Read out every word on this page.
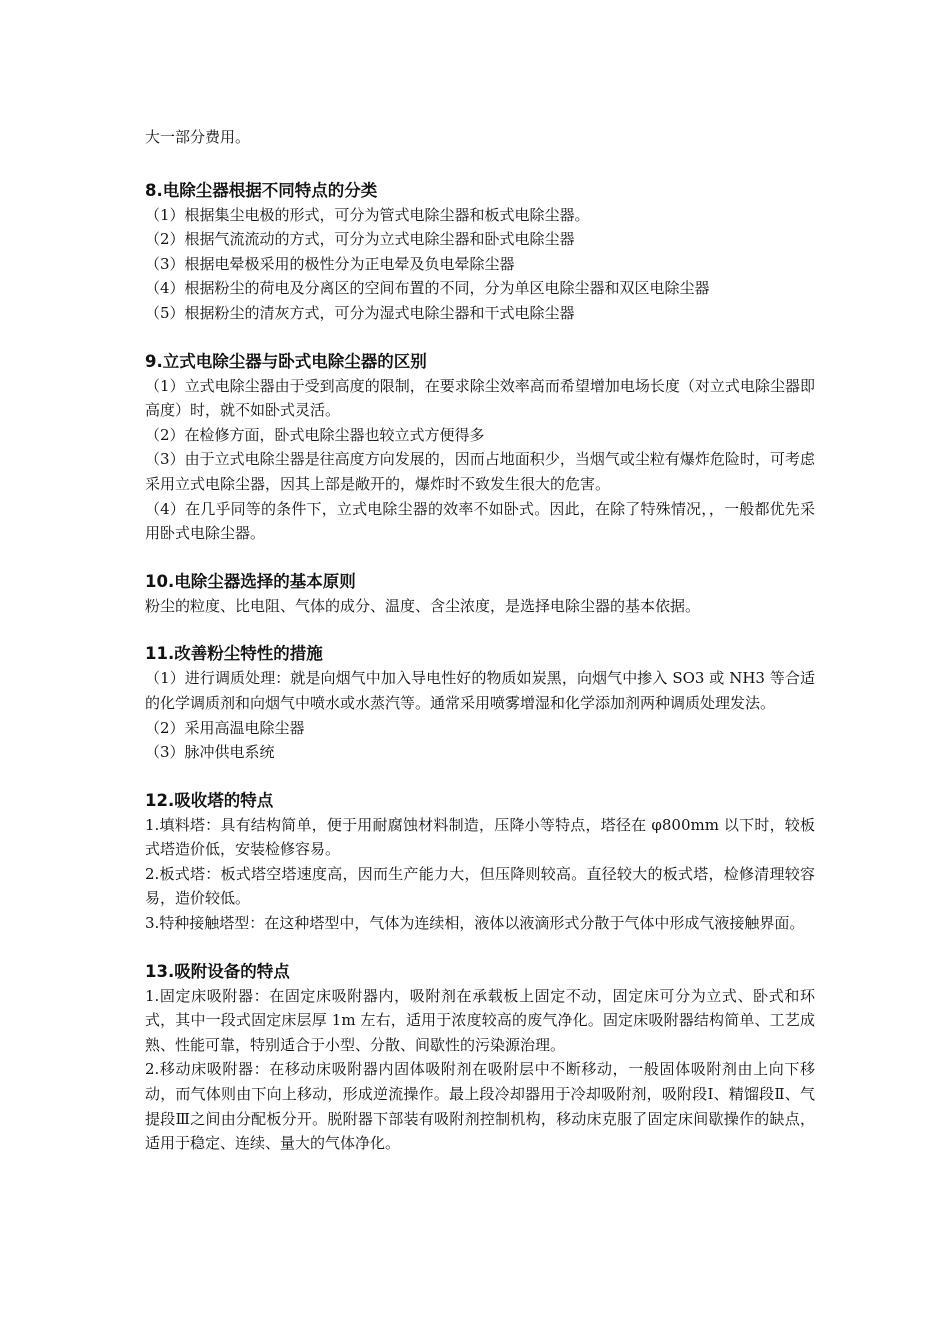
大一部分费用。

8.电除尘器根据不同特点的分类

（1）根据集尘电极的形式，可分为管式电除尘器和板式电除尘器。

（2）根据气流流动的方式，可分为立式电除尘器和卧式电除尘器

（3）根据电晕极采用的极性分为正电晕及负电晕除尘器

（4）根据粉尘的荷电及分离区的空间布置的不同，分为单区电除尘器和双区电除尘器

（5）根据粉尘的清灰方式，可分为湿式电除尘器和干式电除尘器

9.立式电除尘器与卧式电除尘器的区别

（1）立式电除尘器由于受到高度的限制，在要求除尘效率高而希望增加电场长度（对立式电除尘器即高度）时，就不如卧式灵活。

（2）在检修方面，卧式电除尘器也较立式方便得多

（3）由于立式电除尘器是往高度方向发展的，因而占地面积少，当烟气或尘粒有爆炸危险时，可考虑采用立式电除尘器，因其上部是敞开的，爆炸时不致发生很大的危害。

（4）在几乎同等的条件下，立式电除尘器的效率不如卧式。因此，在除了特殊情况，，一般都优先采用卧式电除尘器。

10.电除尘器选择的基本原则

粉尘的粒度、比电阻、气体的成分、温度、含尘浓度，是选择电除尘器的基本依据。

11.改善粉尘特性的措施

（1）进行调质处理：就是向烟气中加入导电性好的物质如炭黑，向烟气中掺入 SO3 或 NH3 等合适的化学调质剂和向烟气中喷水或水蒸汽等。通常采用喷雾增湿和化学添加剂两种调质处理发法。

（2）采用高温电除尘器

（3）脉冲供电系统

12.吸收塔的特点

1.填料塔：具有结构简单，便于用耐腐蚀材料制造，压降小等特点，塔径在 φ800mm 以下时，较板式塔造价低，安装检修容易。

2.板式塔：板式塔空塔速度高，因而生产能力大，但压降则较高。直径较大的板式塔，检修清理较容易，造价较低。

3.特种接触塔型：在这种塔型中，气体为连续相，液体以液滴形式分散于气体中形成气液接触界面。

13.吸附设备的特点

1.固定床吸附器：在固定床吸附器内，吸附剂在承载板上固定不动，固定床可分为立式、卧式和环式，其中一段式固定床层厚 1m 左右，适用于浓度较高的废气净化。固定床吸附器结构简单、工艺成熟、性能可靠，特别适合于小型、分散、间歇性的污染源治理。

2.移动床吸附器：在移动床吸附器内固体吸附剂在吸附层中不断移动，一般固体吸附剂由上向下移动，而气体则由下向上移动，形成逆流操作。最上段冷却器用于冷却吸附剂，吸附段Ⅰ、精馏段Ⅱ、气提段Ⅲ之间由分配板分开。脱附器下部装有吸附剂控制机构，移动床克服了固定床间歇操作的缺点，适用于稳定、连续、量大的气体净化。
